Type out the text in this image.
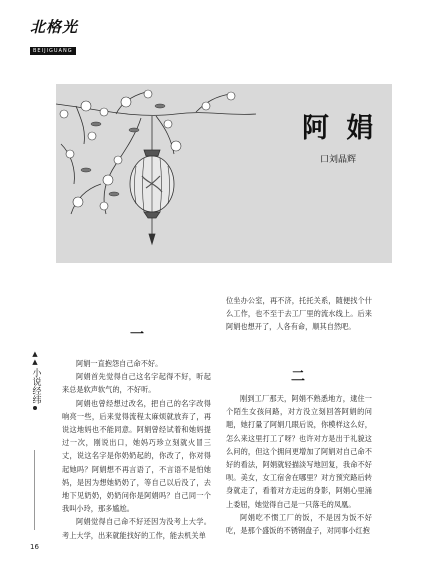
北格光
BEIJIGUANG
阿 娟
口刘晶辉
▲
▲
小说经纬
一

阿娟一直抱怨自己命不好。

阿娟首先觉得自己这名字起得不好，听起来总是软声软气的，不好听。

阿娟也曾经想过改名，把自己的名字改得响亮一些，后来觉得流程太麻烦就放弃了，再说这地妈也不能同意。阿娟曾经试着和她妈提过一次，刚说出口，她妈巧珍立刻就火冒三丈，说这名字是你奶奶起的，你改了，你对得起她吗？阿娟想不再言语了，不言语不是怕她妈，是因为想她奶奶了，等自己以后没了，去地下见奶奶，奶奶问你是阿娟吗？自己同一个我叫小玲，那多尴尬。

阿娟觉得自己命不好还因为没考上大学。考上大学，出来就能找好的工作，能去机关单

位坐办公室，再不济，托托关系，随便找个什么工作，也不至于去工厂里的流水线上。后来阿娟也想开了，人各有命，顺其自然吧。

二

刚到工厂那天，阿娟不熟悉地方，逮住一个陌生女孩问路，对方没立刻回答阿娟的问题，她打量了阿娟几眼后说，你模样这么好，怎么来这里打工了呀？也许对方是出于礼貌这么问的，但这个拥问更增加了阿娟对自己命不好的看法，阿娟就轻描淡写地回复，我命不好呗。美女，女工宿舍在哪里？对方预究路后转身就走了，看着对方走远的身影，阿娟心里涌上委屈，她觉得自己是一只落毛的凤凰。

阿娟吃不惯工厂的饭，不是因为饭不好吃，是那个盛饭的不锈钢盘子，对同事小红抱

16
